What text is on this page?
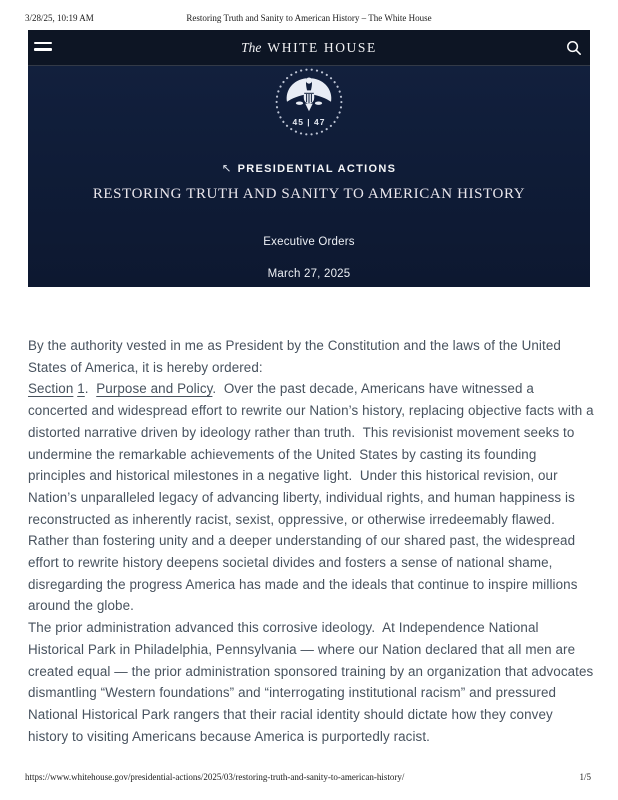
3/28/25, 10:19 AM	Restoring Truth and Sanity to American History – The White House
The WHITE HOUSE
45 | 47
↖ PRESIDENTIAL ACTIONS
RESTORING TRUTH AND SANITY TO AMERICAN HISTORY
Executive Orders
March 27, 2025

By the authority vested in me as President by the Constitution and the laws of the United States of America, it is hereby ordered:

Section 1.  Purpose and Policy.  Over the past decade, Americans have witnessed a concerted and widespread effort to rewrite our Nation’s history, replacing objective facts with a distorted narrative driven by ideology rather than truth.  This revisionist movement seeks to undermine the remarkable achievements of the United States by casting its founding principles and historical milestones in a negative light.  Under this historical revision, our Nation’s unparalleled legacy of advancing liberty, individual rights, and human happiness is reconstructed as inherently racist, sexist, oppressive, or otherwise irredeemably flawed.  Rather than fostering unity and a deeper understanding of our shared past, the widespread effort to rewrite history deepens societal divides and fosters a sense of national shame, disregarding the progress America has made and the ideals that continue to inspire millions around the globe.

The prior administration advanced this corrosive ideology.  At Independence National Historical Park in Philadelphia, Pennsylvania — where our Nation declared that all men are created equal — the prior administration sponsored training by an organization that advocates dismantling “Western foundations” and “interrogating institutional racism” and pressured National Historical Park rangers that their racial identity should dictate how they convey history to visiting Americans because America is purportedly racist.

https://www.whitehouse.gov/presidential-actions/2025/03/restoring-truth-and-sanity-to-american-history/	1/5
